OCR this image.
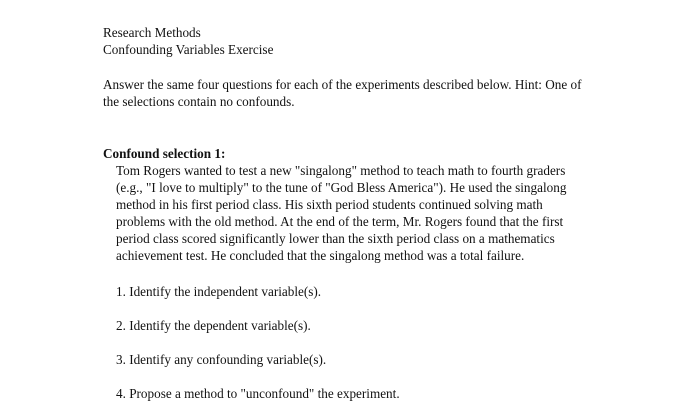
Research Methods
Confounding Variables Exercise
Answer the same four questions for each of the experiments described below. Hint: One of
the selections contain no confounds.
Confound selection 1:
Tom Rogers wanted to test a new "singalong" method to teach math to fourth graders
(e.g., "I love to multiply" to the tune of "God Bless America"). He used the singalong
method in his first period class. His sixth period students continued solving math
problems with the old method. At the end of the term, Mr. Rogers found that the first
period class scored significantly lower than the sixth period class on a mathematics
achievement test. He concluded that the singalong method was a total failure.
1. Identify the independent variable(s).
2. Identify the dependent variable(s).
3. Identify any confounding variable(s).
4. Propose a method to "unconfound" the experiment.
